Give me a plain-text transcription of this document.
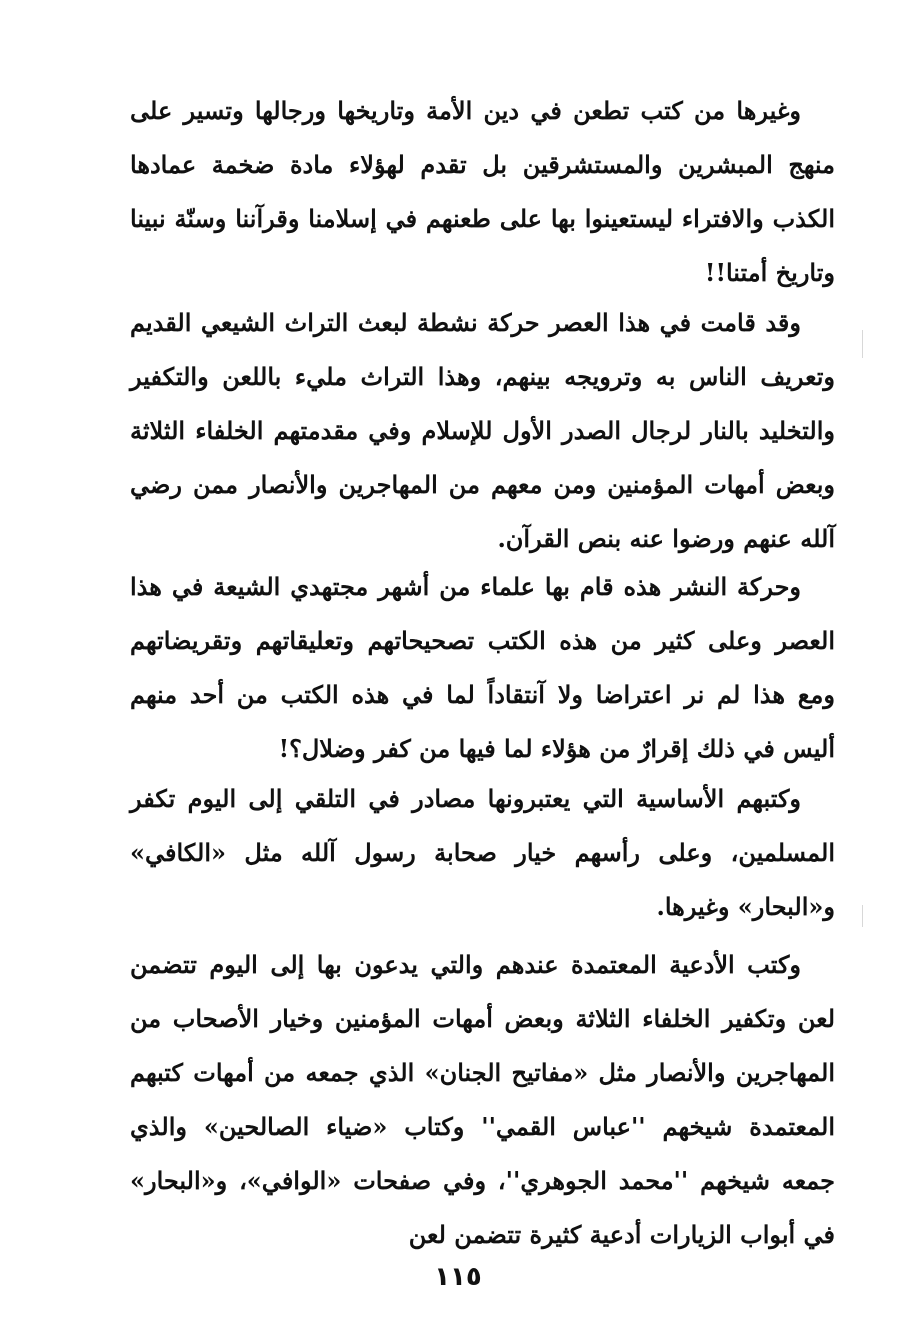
وغيرها من كتب تطعن في دين الأمة وتاريخها ورجالها وتسير على منهج المبشرين والمستشرقين بل تقدم لهؤلاء مادة ضخمة عمادها الكذب والافتراء ليستعينوا بها على طعنهم في إسلامنا وقرآننا وسنّة نبينا وتاريخ أمتنا!!

وقد قامت في هذا العصر حركة نشطة لبعث التراث الشيعي القديم وتعريف الناس به وترويجه بينهم، وهذا التراث مليء باللعن والتكفير والتخليد بالنار لرجال الصدر الأول للإسلام وفي مقدمتهم الخلفاء الثلاثة وبعض أمهات المؤمنين ومن معهم من المهاجرين والأنصار ممن رضي آلله عنهم ورضوا عنه بنص القرآن.

وحركة النشر هذه قام بها علماء من أشهر مجتهدي الشيعة في هذا العصر وعلى كثير من هذه الكتب تصحيحاتهم وتعليقاتهم وتقريضاتهم ومع هذا لم نر اعتراضا ولا آنتقاداً لما في هذه الكتب من أحد منهم أليس في ذلك إقرارٌ من هؤلاء لما فيها من كفر وضلال؟!

وكتبهم الأساسية التي يعتبرونها مصادر في التلقي إلى اليوم تكفر المسلمين، وعلى رأسهم خيار صحابة رسول آلله مثل «الكافي» و«البحار» وغيرها.

وكتب الأدعية المعتمدة عندهم والتي يدعون بها إلى اليوم تتضمن لعن وتكفير الخلفاء الثلاثة وبعض أمهات المؤمنين وخيار الأصحاب من المهاجرين والأنصار مثل «مفاتيح الجنان» الذي جمعه من أمهات كتبهم المعتمدة شيخهم ''عباس القمي'' وكتاب «ضياء الصالحين» والذي جمعه شيخهم ''محمد الجوهري''، وفي صفحات «الوافي»، و«البحار» في أبواب الزيارات أدعية كثيرة تتضمن لعن

١١٥
